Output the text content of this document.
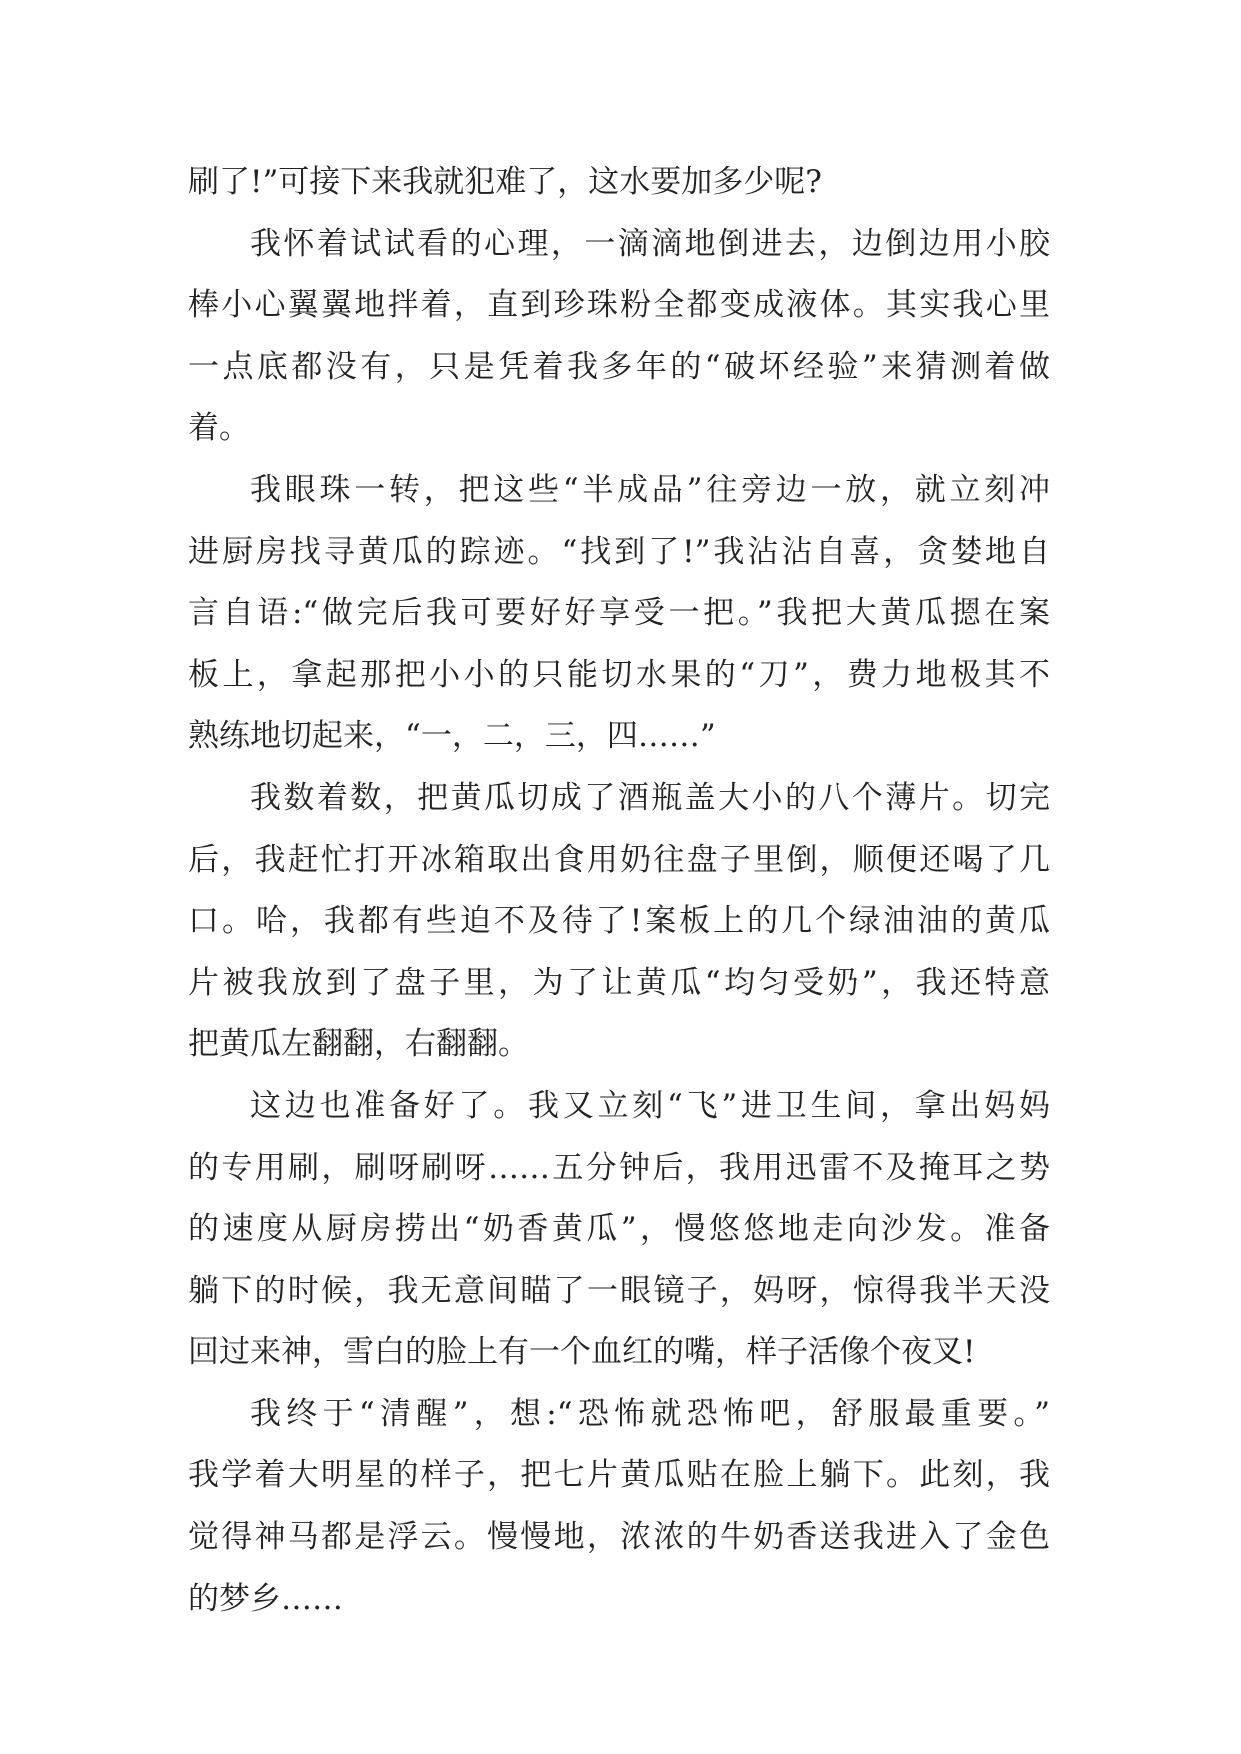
刷了!”可接下来我就犯难了，这水要加多少呢?
我怀着试试看的心理，一滴滴地倒进去，边倒边用小胶
棒小心翼翼地拌着，直到珍珠粉全都变成液体。其实我心里
一点底都没有，只是凭着我多年的“破坏经验”来猜测着做
着。
我眼珠一转，把这些“半成品”往旁边一放，就立刻冲
进厨房找寻黄瓜的踪迹。“找到了!”我沾沾自喜，贪婪地自
言自语:“做完后我可要好好享受一把。”我把大黄瓜摁在案
板上，拿起那把小小的只能切水果的“刀”，费力地极其不
熟练地切起来，“一，二，三，四……”
我数着数，把黄瓜切成了酒瓶盖大小的八个薄片。切完
后，我赶忙打开冰箱取出食用奶往盘子里倒，顺便还喝了几
口。哈，我都有些迫不及待了!案板上的几个绿油油的黄瓜
片被我放到了盘子里，为了让黄瓜“均匀受奶”，我还特意
把黄瓜左翻翻，右翻翻。
这边也准备好了。我又立刻“飞”进卫生间，拿出妈妈
的专用刷，刷呀刷呀……五分钟后，我用迅雷不及掩耳之势
的速度从厨房捞出“奶香黄瓜”，慢悠悠地走向沙发。准备
躺下的时候，我无意间瞄了一眼镜子，妈呀，惊得我半天没
回过来神，雪白的脸上有一个血红的嘴，样子活像个夜叉!
我终于“清醒”，想:“恐怖就恐怖吧，舒服最重要。”
我学着大明星的样子，把七片黄瓜贴在脸上躺下。此刻，我
觉得神马都是浮云。慢慢地，浓浓的牛奶香送我进入了金色
的梦乡……
